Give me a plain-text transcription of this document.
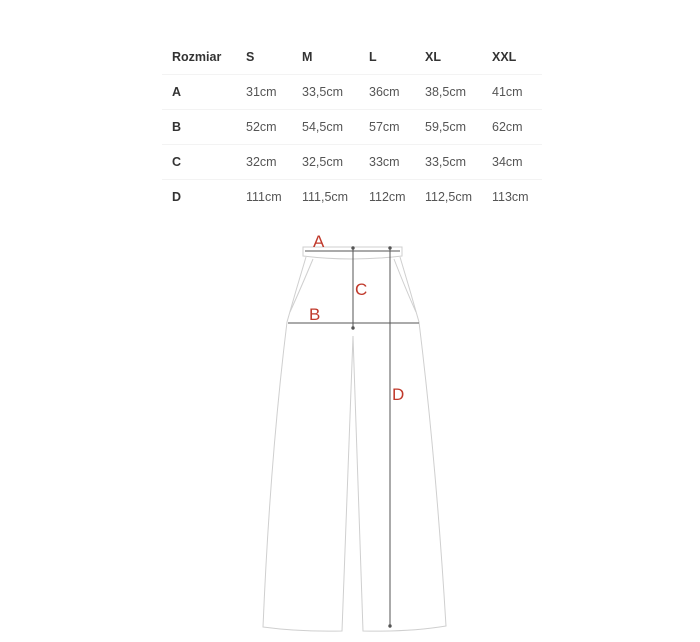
Rozmiar S	M	L	XL	XXL
A	31cm 33,5cm 36cm 38,5cm 41cm
B	52cm 54,5cm 57cm 59,5cm 62cm
C	32cm 32,5cm 33cm 33,5cm 34cm
D	111cm 111,5cm 112cm 112,5cm 113cm
A
C
B
D
